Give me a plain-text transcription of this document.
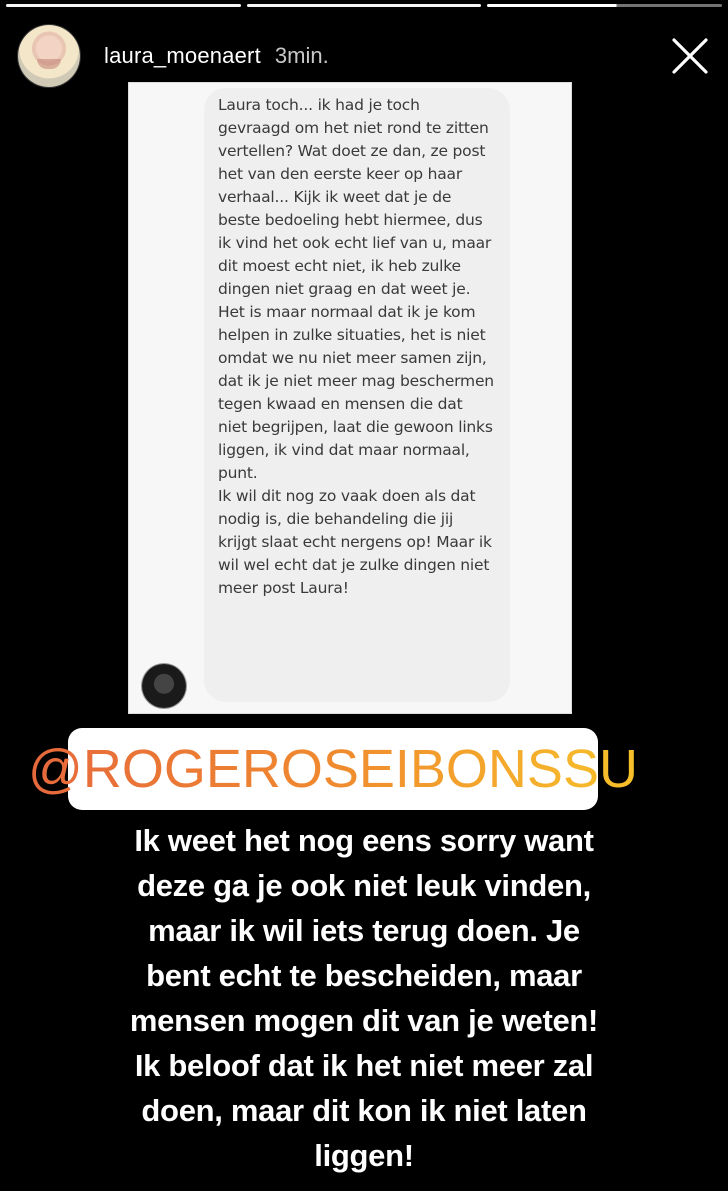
laura_moenaert 3min.
Laura toch... ik had je toch gevraagd om het niet rond te zitten vertellen? Wat doet ze dan, ze post het van den eerste keer op haar verhaal... Kijk ik weet dat je de beste bedoeling hebt hiermee, dus ik vind het ook echt lief van u, maar dit moest echt niet, ik heb zulke dingen niet graag en dat weet je.
Het is maar normaal dat ik je kom helpen in zulke situaties, het is niet omdat we nu niet meer samen zijn, dat ik je niet meer mag beschermen tegen kwaad en mensen die dat niet begrijpen, laat die gewoon links liggen, ik vind dat maar normaal, punt.
Ik wil dit nog zo vaak doen als dat nodig is, die behandeling die jij krijgt slaat echt nergens op! Maar ik wil wel echt dat je zulke dingen niet meer post Laura!
@ROGEROSEIBONSSU
Ik weet het nog eens sorry want
deze ga je ook niet leuk vinden,
maar ik wil iets terug doen. Je
bent echt te bescheiden, maar
mensen mogen dit van je weten!
Ik beloof dat ik het niet meer zal
doen, maar dit kon ik niet laten
liggen!
